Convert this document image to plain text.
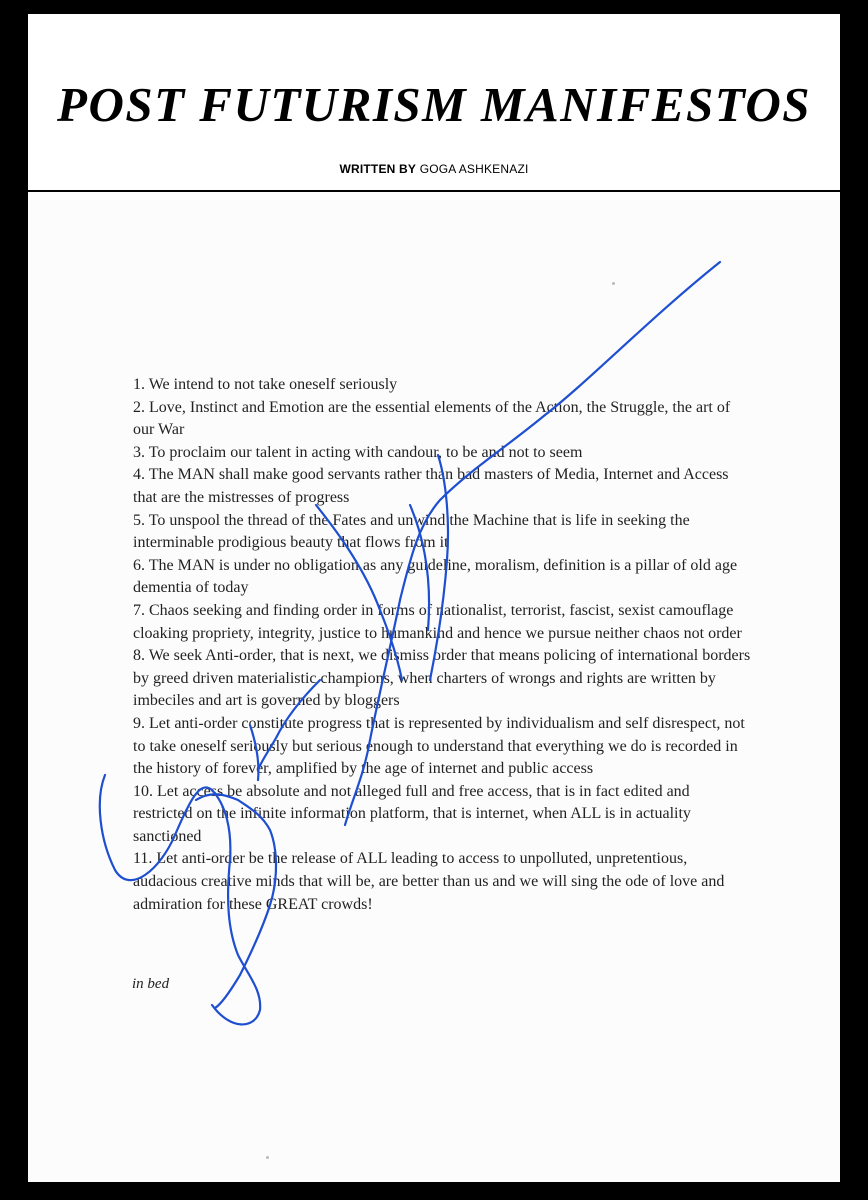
POST FUTURISM MANIFESTOS
WRITTEN BY GOGA ASHKENAZI
1. We intend to not take oneself seriously
2. Love, Instinct and Emotion are the essential elements of the Action, the Struggle, the art of our War
3. To proclaim our talent in acting with candour, to be and not to seem
4. The MAN shall make good servants rather than bad masters of Media, Internet and Access that are the mistresses of progress
5. To unspool the thread of the Fates and unwind the Machine that is life in seeking the interminable prodigious beauty that flows from it
6. The MAN is under no obligation as any guideline, moralism, definition is a pillar of old age dementia of today
7. Chaos seeking and finding order in forms of nationalist, terrorist, fascist, sexist camouflage cloaking propriety, integrity, justice to humankind and hence we pursue neither chaos not order
8. We seek Anti-order, that is next, we dismiss order that means policing of international borders by greed driven materialistic champions, when charters of wrongs and rights are written by imbeciles and art is governed by bloggers
9. Let anti-order constitute progress that is represented by individualism and self disrespect, not to take oneself seriously but serious enough to understand that everything we do is recorded in the history of forever, amplified by the age of internet and public access
10. Let access be absolute and not alleged full and free access, that is in fact edited and restricted on the infinite information platform, that is internet, when ALL is in actuality sanctioned
11. Let anti-order be the release of ALL leading to access to unpolluted, unpretentious, audacious creative minds that will be, are better than us and we will sing the ode of love and admiration for these GREAT crowds!
in bed
